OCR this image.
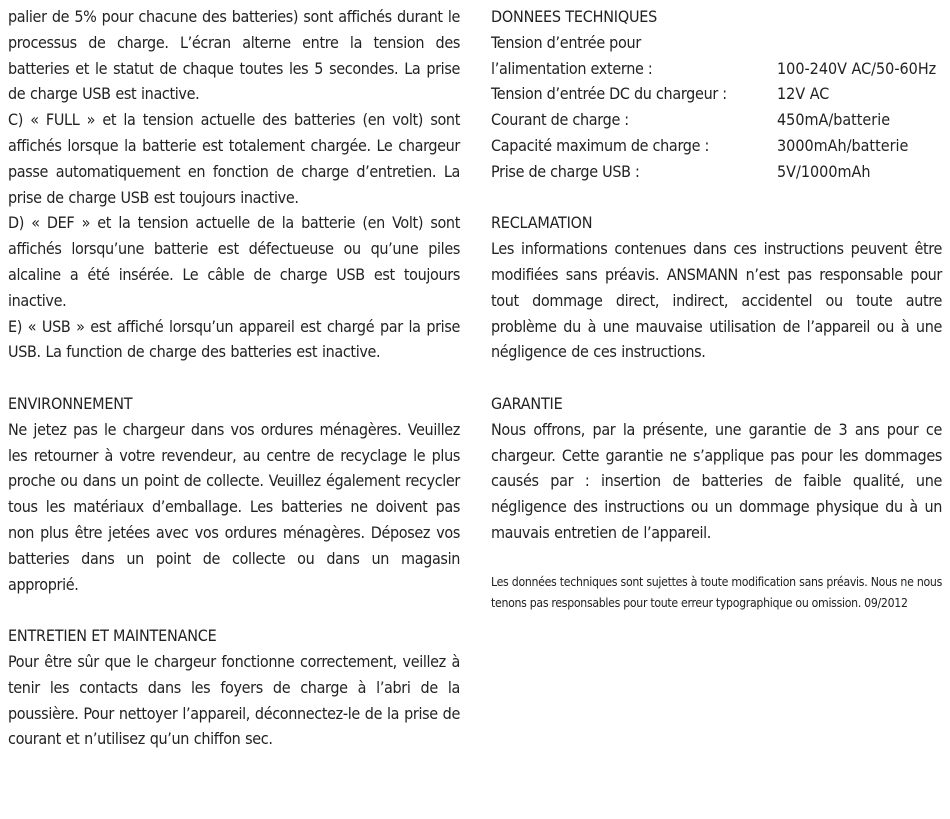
palier de 5% pour chacune des batteries) sont affichés durant le processus de charge. L’écran alterne entre la tension des batteries et le statut de chaque toutes les 5 secondes. La prise de charge USB est inactive.

C) « FULL » et la tension actuelle des batteries (en volt) sont affichés lorsque la batterie est totalement chargée. Le chargeur passe automatiquement en fonction de charge d’entretien. La prise de charge USB est toujours inactive.

D) « DEF » et la tension actuelle de la batterie (en Volt) sont affichés lorsqu’une batterie est défectueuse ou qu’une piles alcaline a été insérée. Le câble de charge USB est toujours inactive.

E) « USB » est affiché lorsqu’un appareil est chargé par la prise USB. La function de charge des batteries est inactive.

ENVIRONNEMENT

Ne jetez pas le chargeur dans vos ordures ménagères. Veuillez les retourner à votre revendeur, au centre de recyclage le plus proche ou dans un point de collecte. Veuillez également recycler tous les matériaux d’emballage. Les batteries ne doivent pas non plus être jetées avec vos ordures ménagères. Déposez vos batteries dans un point de collecte ou dans un magasin approprié.

ENTRETIEN ET MAINTENANCE

Pour être sûr que le chargeur fonctionne correctement, veillez à tenir les contacts dans les foyers de charge à l’abri de la poussière. Pour nettoyer l’appareil, déconnectez-le de la prise de courant et n’utilisez qu’un chiffon sec.

DONNEES TECHNIQUES
Tension d’entrée pour
l’alimentation externe :	100-240V AC/50-60Hz
Tension d’entrée DC du chargeur :	12V AC
Courant de charge :	450mA/batterie
Capacité maximum de charge :	3000mAh/batterie
Prise de charge USB :	5V/1000mAh
RECLAMATION

Les informations contenues dans ces instructions peuvent être modifiées sans préavis. ANSMANN n’est pas responsable pour tout dommage direct, indirect, accidentel ou toute autre problème du à une mauvaise utilisation de l’appareil ou à une négligence de ces instructions.

GARANTIE

Nous offrons, par la présente, une garantie de 3 ans pour ce chargeur. Cette garantie ne s’applique pas pour les dommages causés par : insertion de batteries de faible qualité, une négligence des instructions ou un dommage physique du à un mauvais entretien de l’appareil.

Les données techniques sont sujettes à toute modification sans préavis. Nous ne nous tenons pas responsables pour toute erreur typographique ou omission. 09/2012
